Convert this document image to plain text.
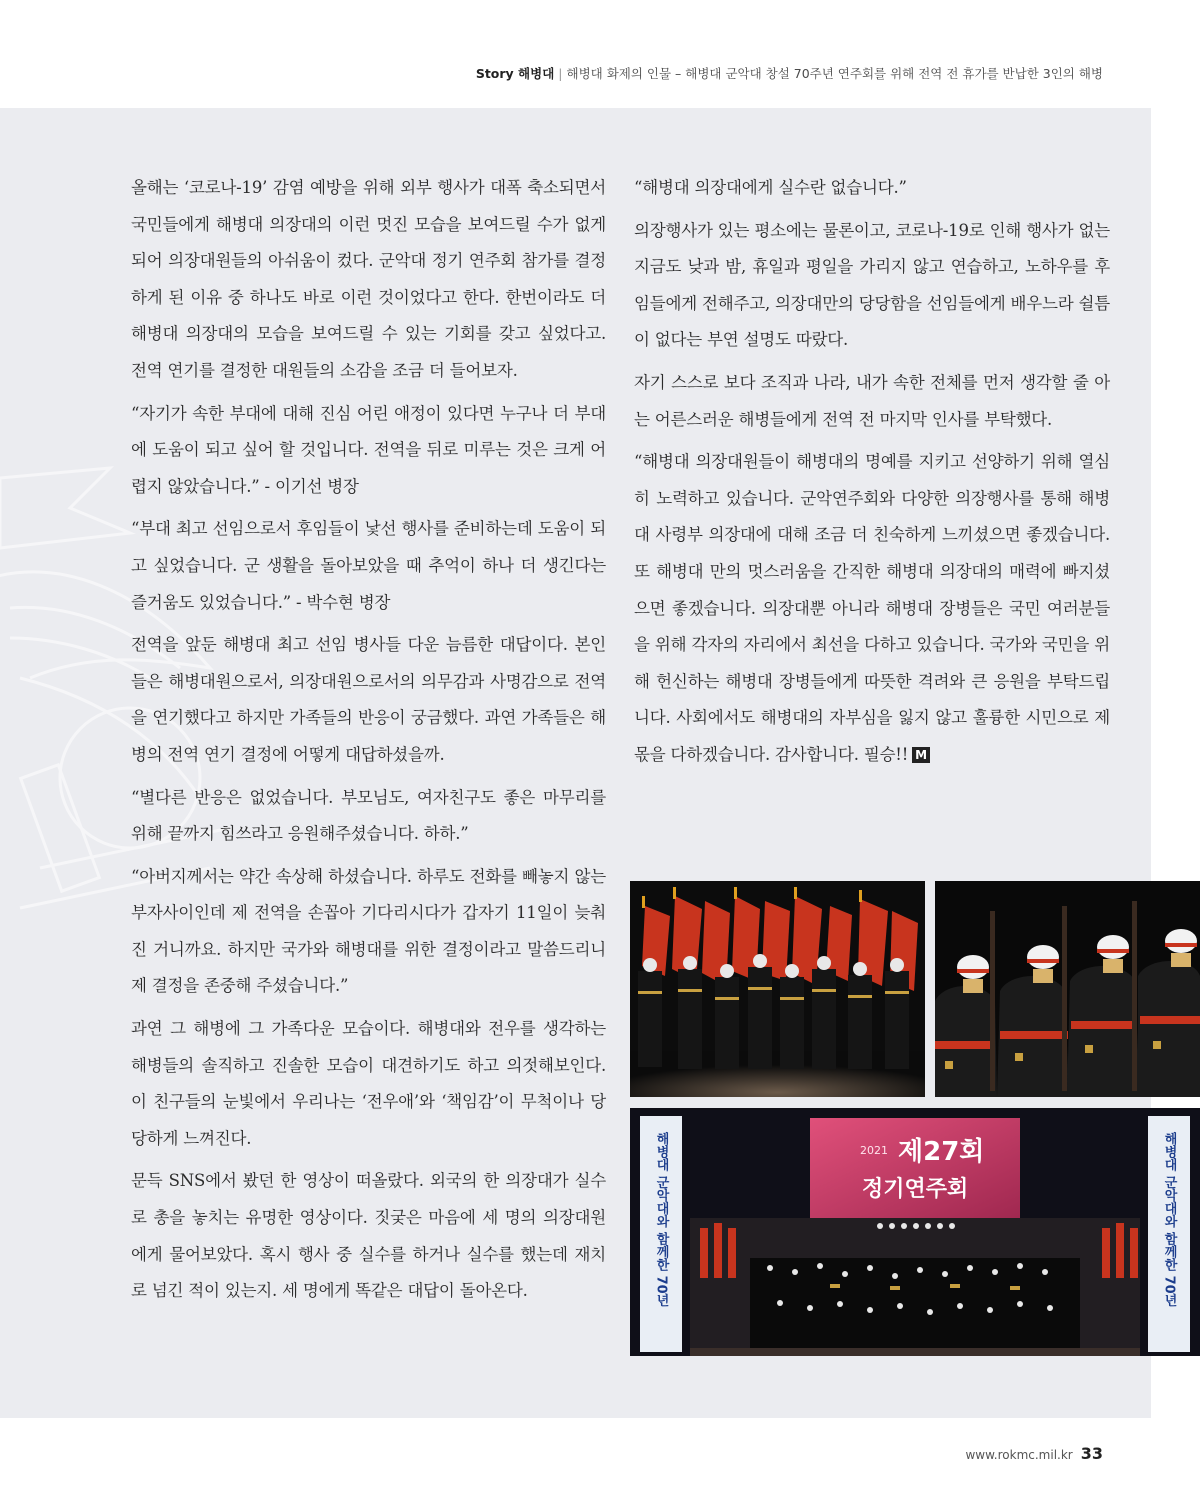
Story 해병대 | 해병대 화제의 인물 – 해병대 군악대 창설 70주년 연주회를 위해 전역 전 휴가를 반납한 3인의 해병

올해는 ‘코로나-19’ 감염 예방을 위해 외부 행사가 대폭 축소되면서 국민들에게 해병대 의장대의 이런 멋진 모습을 보여드릴 수가 없게 되어 의장대원들의 아쉬움이 컸다. 군악대 정기 연주회 참가를 결정하게 된 이유 중 하나도 바로 이런 것이었다고 한다. 한번이라도 더 해병대 의장대의 모습을 보여드릴 수 있는 기회를 갖고 싶었다고. 전역 연기를 결정한 대원들의 소감을 조금 더 들어보자.

“자기가 속한 부대에 대해 진심 어린 애정이 있다면 누구나 더 부대에 도움이 되고 싶어 할 것입니다. 전역을 뒤로 미루는 것은 크게 어렵지 않았습니다.” - 이기선 병장

“부대 최고 선임으로서 후임들이 낯선 행사를 준비하는데 도움이 되고 싶었습니다. 군 생활을 돌아보았을 때 추억이 하나 더 생긴다는 즐거움도 있었습니다.” - 박수현 병장

전역을 앞둔 해병대 최고 선임 병사들 다운 늠름한 대답이다. 본인들은 해병대원으로서, 의장대원으로서의 의무감과 사명감으로 전역을 연기했다고 하지만 가족들의 반응이 궁금했다. 과연 가족들은 해병의 전역 연기 결정에 어떻게 대답하셨을까.

“별다른 반응은 없었습니다. 부모님도, 여자친구도 좋은 마무리를 위해 끝까지 힘쓰라고 응원해주셨습니다. 하하.”

“아버지께서는 약간 속상해 하셨습니다. 하루도 전화를 빼놓지 않는 부자사이인데 제 전역을 손꼽아 기다리시다가 갑자기 11일이 늦춰진 거니까요. 하지만 국가와 해병대를 위한 결정이라고 말씀드리니 제 결정을 존중해 주셨습니다.”

과연 그 해병에 그 가족다운 모습이다. 해병대와 전우를 생각하는 해병들의 솔직하고 진솔한 모습이 대견하기도 하고 의젓해보인다. 이 친구들의 눈빛에서 우리나는 ‘전우애’와 ‘책임감’이 무척이나 당당하게 느껴진다.

문득 SNS에서 봤던 한 영상이 떠올랐다. 외국의 한 의장대가 실수로 총을 놓치는 유명한 영상이다. 짓궂은 마음에 세 명의 의장대원에게 물어보았다. 혹시 행사 중 실수를 하거나 실수를 했는데 재치로 넘긴 적이 있는지. 세 명에게 똑같은 대답이 돌아온다.

“해병대 의장대에게 실수란 없습니다.”

의장행사가 있는 평소에는 물론이고, 코로나-19로 인해 행사가 없는 지금도 낮과 밤, 휴일과 평일을 가리지 않고 연습하고, 노하우를 후임들에게 전해주고, 의장대만의 당당함을 선임들에게 배우느라 쉴틈이 없다는 부연 설명도 따랐다.

자기 스스로 보다 조직과 나라, 내가 속한 전체를 먼저 생각할 줄 아는 어른스러운 해병들에게 전역 전 마지막 인사를 부탁했다.

“해병대 의장대원들이 해병대의 명예를 지키고 선양하기 위해 열심히 노력하고 있습니다. 군악연주회와 다양한 의장행사를 통해 해병대 사령부 의장대에 대해 조금 더 친숙하게 느끼셨으면 좋겠습니다. 또 해병대 만의 멋스러움을 간직한 해병대 의장대의 매력에 빠지셨으면 좋겠습니다. 의장대뿐 아니라 해병대 장병들은 국민 여러분들을 위해 각자의 자리에서 최선을 다하고 있습니다. 국가와 국민을 위해 헌신하는 해병대 장병들에게 따뜻한 격려와 큰 응원을 부탁드립니다. 사회에서도 해병대의 자부심을 잃지 않고 훌륭한 시민으로 제 몫을 다하겠습니다. 감사합니다. 필승!! M

2021 제27회
정기연주회
해병대 군악대와 함께한 70년	해병대 군악대와 함께한 70년
www.rokmc.mil.kr 33
